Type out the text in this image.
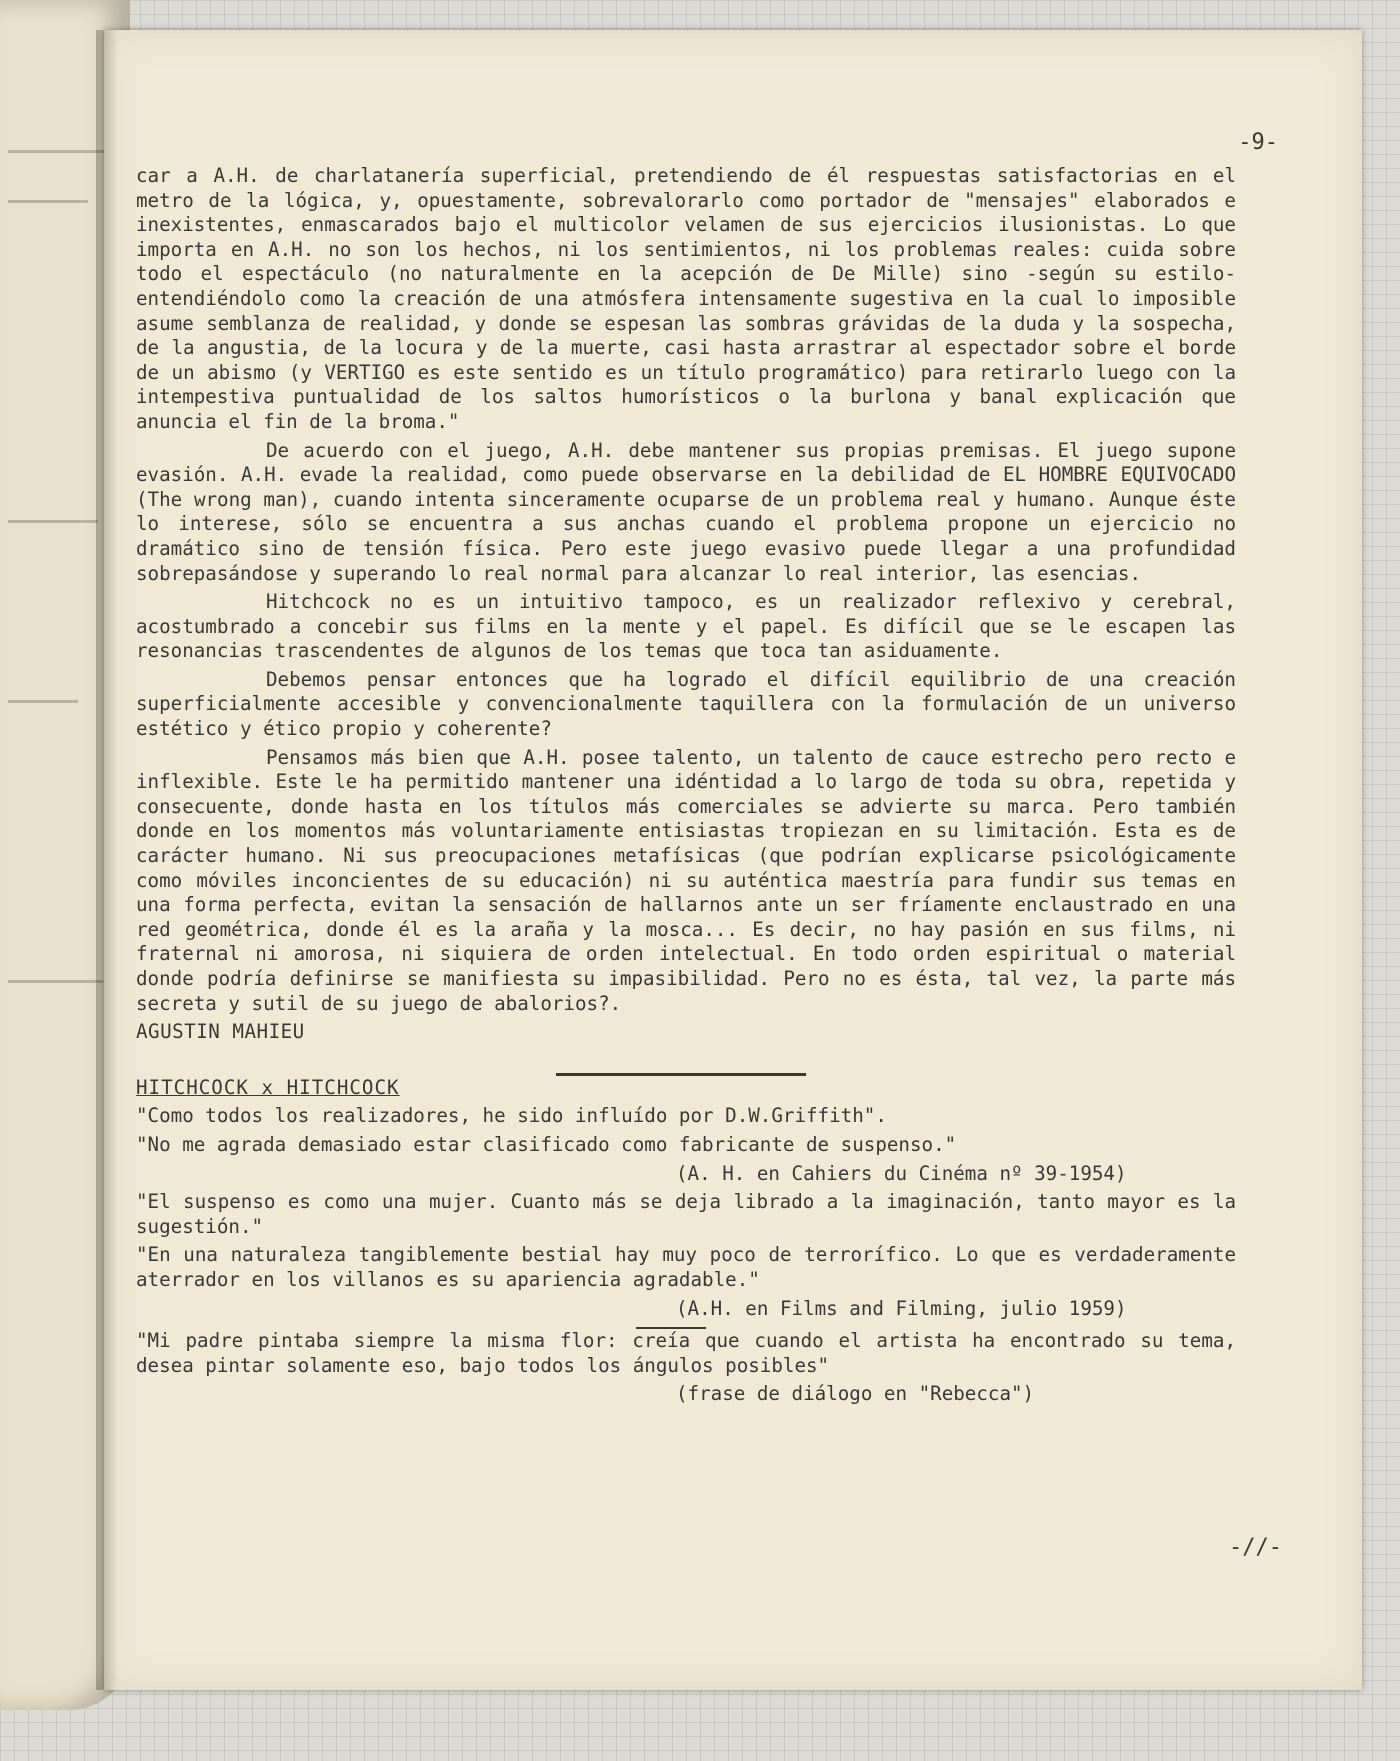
-9-

car a A.H. de charlatanería superficial, pretendiendo de él respuestas satisfactorias en el metro de la lógica, y, opuestamente, sobrevalorarlo como portador de "mensajes" elaborados e inexistentes, enmascarados bajo el multicolor velamen de sus ejercicios ilusionistas. Lo que importa en A.H. no son los hechos, ni los sentimientos, ni los problemas reales: cuida sobre todo el espectáculo (no naturalmente en la acepción de De Mille) sino -según su estilo- entendiéndolo como la creación de una atmósfera intensamente sugestiva en la cual lo imposible asume semblanza de realidad, y donde se espesan las sombras grávidas de la duda y la sospecha, de la angustia, de la locura y de la muerte, casi hasta arrastrar al espectador sobre el borde de un abismo (y VERTIGO es este sentido es un título programático) para retirarlo luego con la intempestiva puntualidad de los saltos humorísticos o la burlona y banal explicación que anuncia el fin de la broma."

De acuerdo con el juego, A.H. debe mantener sus propias premisas. El juego supone evasión. A.H. evade la realidad, como puede observarse en la debilidad de EL HOMBRE EQUIVOCADO (The wrong man), cuando intenta sinceramente ocuparse de un problema real y humano. Aunque éste lo interese, sólo se encuentra a sus anchas cuando el problema propone un ejercicio no dramático sino de tensión física. Pero este juego evasivo puede llegar a una profundidad sobrepasándose y superando lo real normal para alcanzar lo real interior, las esencias.

Hitchcock no es un intuitivo tampoco, es un realizador reflexivo y cerebral, acostumbrado a concebir sus films en la mente y el papel. Es difícil que se le escapen las resonancias trascendentes de algunos de los temas que toca tan asiduamente.

Debemos pensar entonces que ha logrado el difícil equilibrio de una creación superficialmente accesible y convencionalmente taquillera con la formulación de un universo estético y ético propio y coherente?

Pensamos más bien que A.H. posee talento, un talento de cauce estrecho pero recto e inflexible. Este le ha permitido mantener una idéntidad a lo largo de toda su obra, repetida y consecuente, donde hasta en los títulos más comerciales se advierte su marca. Pero también donde en los momentos más voluntariamente entisiastas tropiezan en su limitación. Esta es de carácter humano. Ni sus preocupaciones metafísicas (que podrían explicarse psicológicamente como móviles inconcientes de su educación) ni su auténtica maestría para fundir sus temas en una forma perfecta, evitan la sensación de hallarnos ante un ser fríamente enclaustrado en una red geométrica, donde él es la araña y la mosca... Es decir, no hay pasión en sus films, ni fraternal ni amorosa, ni siquiera de orden intelectual. En todo orden espiritual o material donde podría definirse se manifiesta su impasibilidad. Pero no es ésta, tal vez, la parte más secreta y sutil de su juego de abalorios?.

AGUSTIN MAHIEU

HITCHCOCK x HITCHCOCK

"Como todos los realizadores, he sido influído por D.W.Griffith".

"No me agrada demasiado estar clasificado como fabricante de suspenso."

(A. H. en Cahiers du Cinéma nº 39-1954)

"El suspenso es como una mujer. Cuanto más se deja librado a la imaginación, tanto mayor es la sugestión."

"En una naturaleza tangiblemente bestial hay muy poco de terrorífico. Lo que es verdaderamente aterrador en los villanos es su apariencia agradable."

(A.H. en Films and Filming, julio 1959)

"Mi padre pintaba siempre la misma flor: creía que cuando el artista ha encontrado su tema, desea pintar solamente eso, bajo todos los ángulos posibles"

(frase de diálogo en "Rebecca")

-//-
